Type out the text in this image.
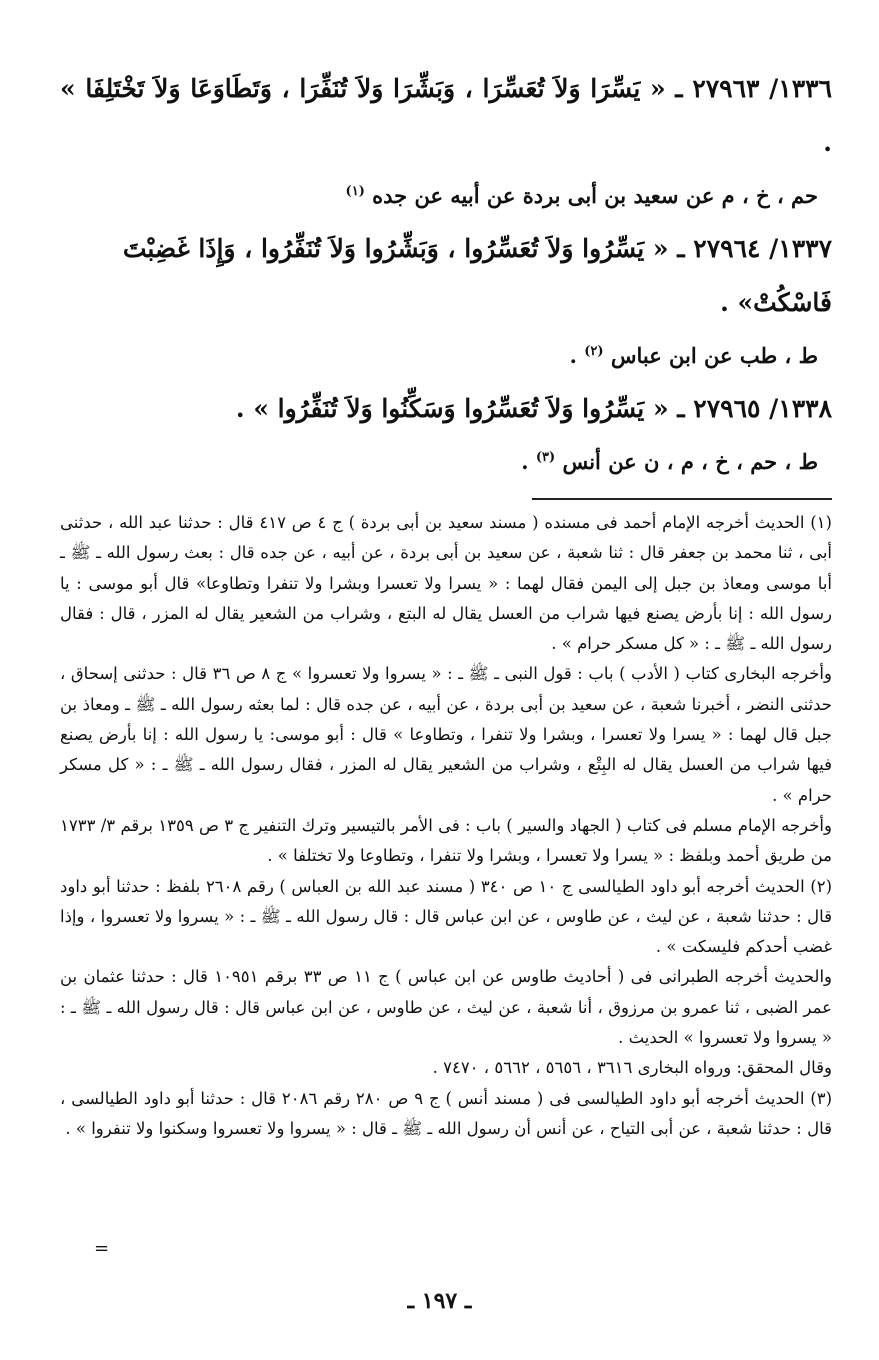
١٣٣٦/ ٢٧٩٦٣ ـ « يَسِّرَا وَلاَ تُعَسِّرَا ، وَبَشِّرَا وَلاَ تُنَفِّرَا ، وَتَطَاوَعَا وَلاَ تَخْتَلِفَا » .

حم ، خ ، م عن سعيد بن أبى بردة عن أبيه عن جده $^{(١)}$

١٣٣٧/ ٢٧٩٦٤ ـ « يَسِّرُوا وَلاَ تُعَسِّرُوا ، وَبَشِّرُوا وَلاَ تُنَفِّرُوا ، وَإِذَا غَضِبْتَ

فَاسْكُتْ» .

ط ، طب عن ابن عباس $^{(٢)}$ .

١٣٣٨/ ٢٧٩٦٥ ـ « يَسِّرُوا وَلاَ تُعَسِّرُوا وَسَكِّنُوا وَلاَ تُنَفِّرُوا » .

ط ، حم ، خ ، م ، ن عن أنس $^{(٣)}$ .

(١) الحديث أخرجه الإمام أحمد فى مسنده ( مسند سعيد بن أبى بردة ) ج ٤ ص ٤١٧ قال : حدثنا عبد الله ، حدثنى أبى ، ثنا محمد بن جعفر قال : ثنا شعبة ، عن سعيد بن أبى بردة ، عن أبيه ، عن جده قال : بعث رسول الله ـ ﷺ ـ أبا موسى ومعاذ بن جبل إلى اليمن فقال لهما : « يسرا ولا تعسرا وبشرا ولا تنفرا وتطاوعا» قال أبو موسى : يا رسول الله : إنا بأرض يصنع فيها شراب من العسل يقال له البتع ، وشراب من الشعير يقال له المزر ، قال : فقال رسول الله ـ ﷺ ـ : « كل مسكر حرام » .

وأخرجه البخارى كتاب ( الأدب ) باب : قول النبى ـ ﷺ ـ : « يسروا ولا تعسروا » ج ٨ ص ٣٦ قال : حدثنى إسحاق ، حدثنى النضر ، أخبرنا شعبة ، عن سعيد بن أبى بردة ، عن أبيه ، عن جده قال : لما بعثه رسول الله ـ ﷺ ـ ومعاذ بن جبل قال لهما : « يسرا ولا تعسرا ، وبشرا ولا تنفرا ، وتطاوعا » قال : أبو موسى: يا رسول الله : إنا بأرض يصنع فيها شراب من العسل يقال له البِتْع ، وشراب من الشعير يقال له المزر ، فقال رسول الله ـ ﷺ ـ : « كل مسكر حرام » .

وأخرجه الإمام مسلم فى كتاب ( الجهاد والسير ) باب : فى الأمر بالتيسير وترك التنفير ج ٣ ص ١٣٥٩ برقم ٣/ ١٧٣٣ من طريق أحمد وبلفظ : « يسرا ولا تعسرا ، وبشرا ولا تنفرا ، وتطاوعا ولا تختلفا » .

(٢) الحديث أخرجه أبو داود الطيالسى ج ١٠ ص ٣٤٠ ( مسند عبد الله بن العباس ) رقم ٢٦٠٨ بلفظ : حدثنا أبو داود قال : حدثنا شعبة ، عن ليث ، عن طاوس ، عن ابن عباس قال : قال رسول الله ـ ﷺ ـ : « يسروا ولا تعسروا ، وإذا غضب أحدكم فليسكت » .

والحديث أخرجه الطبرانى فى ( أحاديث طاوس عن ابن عباس ) ج ١١ ص ٣٣ برقم ١٠٩٥١ قال : حدثنا عثمان بن عمر الضبى ، ثنا عمرو بن مرزوق ، أنا شعبة ، عن ليث ، عن طاوس ، عن ابن عباس قال : قال رسول الله ـ ﷺ ـ : « يسروا ولا تعسروا » الحديث .

وقال المحقق: ورواه البخارى ٣٦١٦ ، ٥٦٥٦ ، ٥٦٦٢ ، ٧٤٧٠ .

(٣) الحديث أخرجه أبو داود الطيالسى فى ( مسند أنس ) ج ٩ ص ٢٨٠ رقم ٢٠٨٦ قال : حدثنا أبو داود الطيالسى ، قال : حدثنا شعبة ، عن أبى التياح ، عن أنس أن رسول الله ـ ﷺ ـ قال : « يسروا ولا تعسروا وسكنوا ولا تنفروا » .

=
ـ ١٩٧ ـ
